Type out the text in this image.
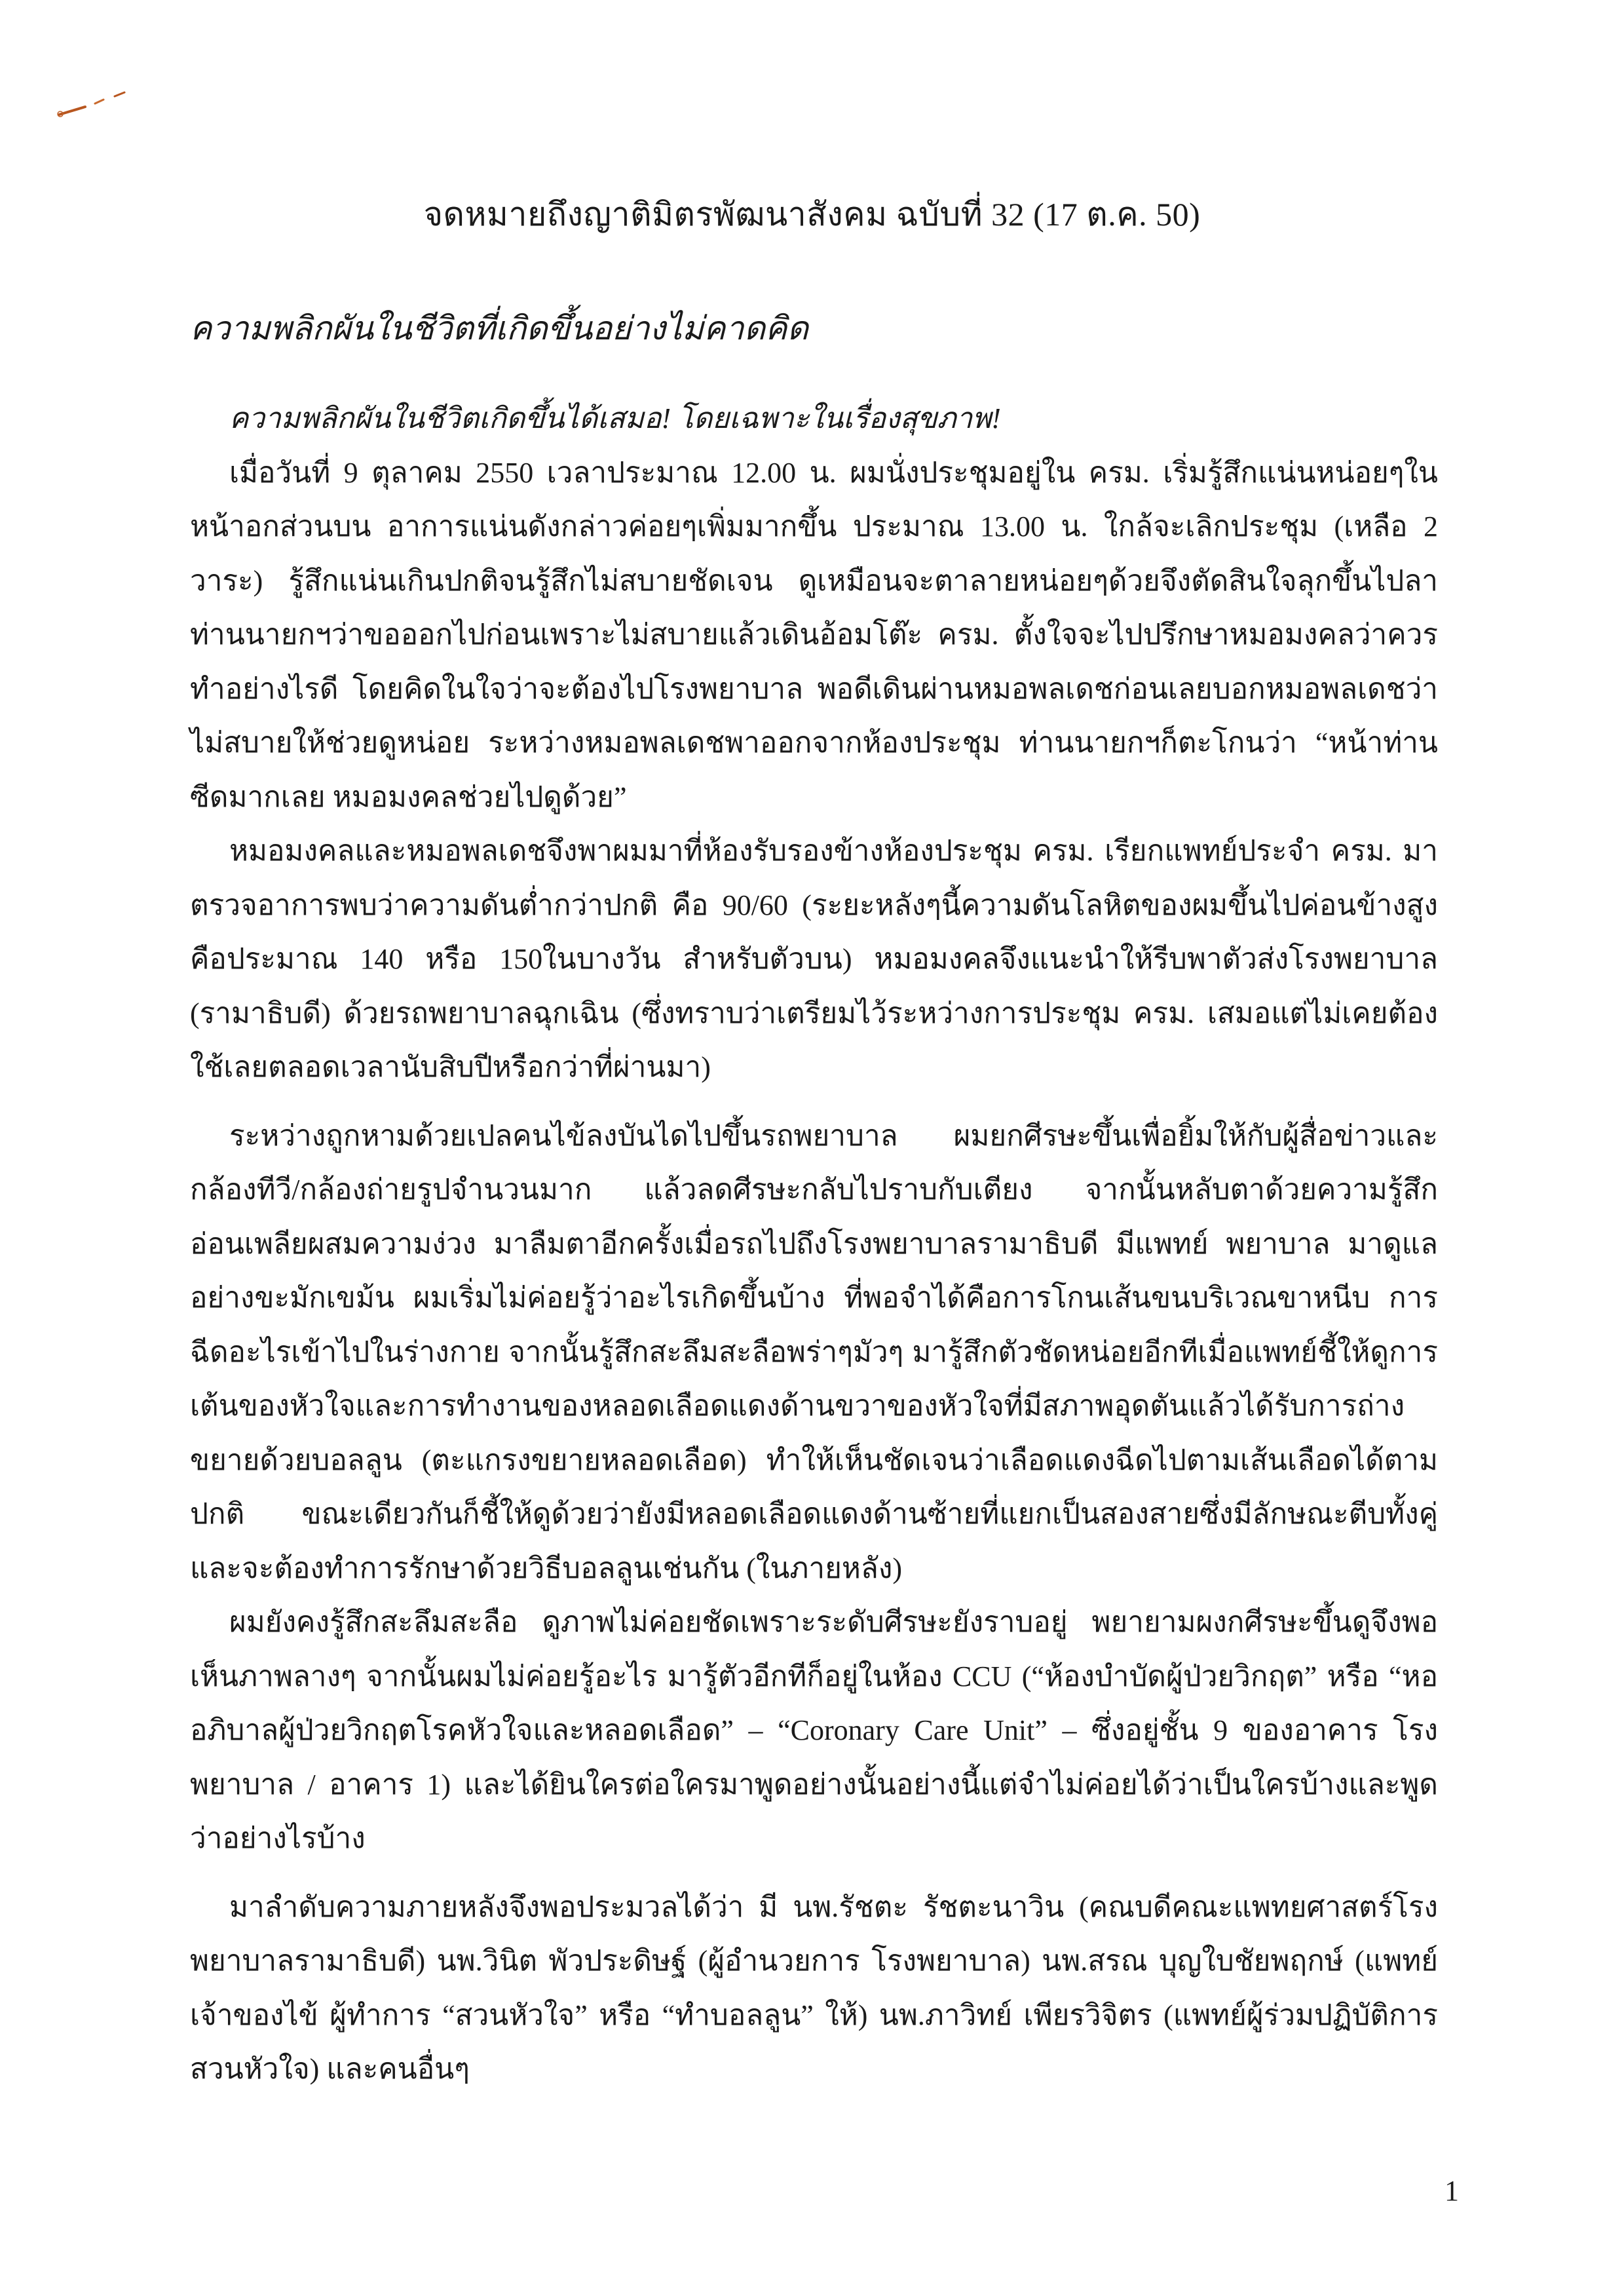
จดหมายถึงญาติมิตรพัฒนาสังคม ฉบับที่ 32 (17 ต.ค. 50)
ความพลิกผันในชีวิตที่เกิดขึ้นอย่างไม่คาดคิด

ความพลิกผันในชีวิตเกิดขึ้นได้เสมอ! โดยเฉพาะในเรื่องสุขภาพ!

เมื่อวันที่ 9 ตุลาคม 2550 เวลาประมาณ 12.00 น. ผมนั่งประชุมอยู่ใน ครม. เริ่มรู้สึกแน่นหน่อยๆในหน้าอกส่วนบน อาการแน่นดังกล่าวค่อยๆเพิ่มมากขึ้น ประมาณ 13.00 น. ใกล้จะเลิกประชุม (เหลือ 2 วาระ) รู้สึกแน่นเกินปกติจนรู้สึกไม่สบายชัดเจน ดูเหมือนจะตาลายหน่อยๆด้วยจึงตัดสินใจลุกขึ้นไปลาท่านนายกฯว่าขอออกไปก่อนเพราะไม่สบายแล้วเดินอ้อมโต๊ะ ครม. ตั้งใจจะไปปรึกษาหมอมงคลว่าควรทำอย่างไรดี โดยคิดในใจว่าจะต้องไปโรงพยาบาล พอดีเดินผ่านหมอพลเดชก่อนเลยบอกหมอพลเดชว่าไม่สบายให้ช่วยดูหน่อย ระหว่างหมอพลเดชพาออกจากห้องประชุม ท่านนายกฯก็ตะโกนว่า “หน้าท่านซีดมากเลย หมอมงคลช่วยไปดูด้วย”

หมอมงคลและหมอพลเดชจึงพาผมมาที่ห้องรับรองข้างห้องประชุม ครม. เรียกแพทย์ประจำ ครม. มาตรวจอาการพบว่าความดันต่ำกว่าปกติ คือ 90/60 (ระยะหลังๆนี้ความดันโลหิตของผมขึ้นไปค่อนข้างสูง คือประมาณ 140 หรือ 150ในบางวัน สำหรับตัวบน) หมอมงคลจึงแนะนำให้รีบพาตัวส่งโรงพยาบาล (รามาธิบดี) ด้วยรถพยาบาลฉุกเฉิน (ซึ่งทราบว่าเตรียมไว้ระหว่างการประชุม ครม. เสมอแต่ไม่เคยต้องใช้เลยตลอดเวลานับสิบปีหรือกว่าที่ผ่านมา)

ระหว่างถูกหามด้วยเปลคนไข้ลงบันไดไปขึ้นรถพยาบาล ผมยกศีรษะขึ้นเพื่อยิ้มให้กับผู้สื่อข่าวและกล้องทีวี/กล้องถ่ายรูปจำนวนมาก แล้วลดศีรษะกลับไปราบกับเตียง จากนั้นหลับตาด้วยความรู้สึกอ่อนเพลียผสมความง่วง มาลืมตาอีกครั้งเมื่อรถไปถึงโรงพยาบาลรามาธิบดี มีแพทย์ พยาบาล มาดูแลอย่างขะมักเขม้น ผมเริ่มไม่ค่อยรู้ว่าอะไรเกิดขึ้นบ้าง ที่พอจำได้คือการโกนเส้นขนบริเวณขาหนีบ การฉีดอะไรเข้าไปในร่างกาย จากนั้นรู้สึกสะลึมสะลือพร่าๆมัวๆ มารู้สึกตัวชัดหน่อยอีกทีเมื่อแพทย์ชี้ให้ดูการเต้นของหัวใจและการทำงานของหลอดเลือดแดงด้านขวาของหัวใจที่มีสภาพอุดตันแล้วได้รับการถ่างขยายด้วยบอลลูน (ตะแกรงขยายหลอดเลือด) ทำให้เห็นชัดเจนว่าเลือดแดงฉีดไปตามเส้นเลือดได้ตามปกติ ขณะเดียวกันก็ชี้ให้ดูด้วยว่ายังมีหลอดเลือดแดงด้านซ้ายที่แยกเป็นสองสายซึ่งมีลักษณะตีบทั้งคู่และจะต้องทำการรักษาด้วยวิธีบอลลูนเช่นกัน (ในภายหลัง)

ผมยังคงรู้สึกสะลึมสะลือ ดูภาพไม่ค่อยชัดเพราะระดับศีรษะยังราบอยู่ พยายามผงกศีรษะขึ้นดูจึงพอเห็นภาพลางๆ จากนั้นผมไม่ค่อยรู้อะไร มารู้ตัวอีกทีก็อยู่ในห้อง CCU (“ห้องบำบัดผู้ป่วยวิกฤต” หรือ “หออภิบาลผู้ป่วยวิกฤตโรคหัวใจและหลอดเลือด” – “Coronary Care Unit” – ซึ่งอยู่ชั้น 9 ของอาคาร โรงพยาบาล / อาคาร 1) และได้ยินใครต่อใครมาพูดอย่างนั้นอย่างนี้แต่จำไม่ค่อยได้ว่าเป็นใครบ้างและพูดว่าอย่างไรบ้าง

มาลำดับความภายหลังจึงพอประมวลได้ว่า มี นพ.รัชตะ รัชตะนาวิน (คณบดีคณะแพทยศาสตร์โรงพยาบาลรามาธิบดี) นพ.วินิต พัวประดิษฐ์ (ผู้อำนวยการ โรงพยาบาล) นพ.สรณ บุญใบชัยพฤกษ์ (แพทย์เจ้าของไข้ ผู้ทำการ “สวนหัวใจ” หรือ “ทำบอลลูน” ให้) นพ.ภาวิทย์ เพียรวิจิตร (แพทย์ผู้ร่วมปฏิบัติการสวนหัวใจ) และคนอื่นๆ

1
